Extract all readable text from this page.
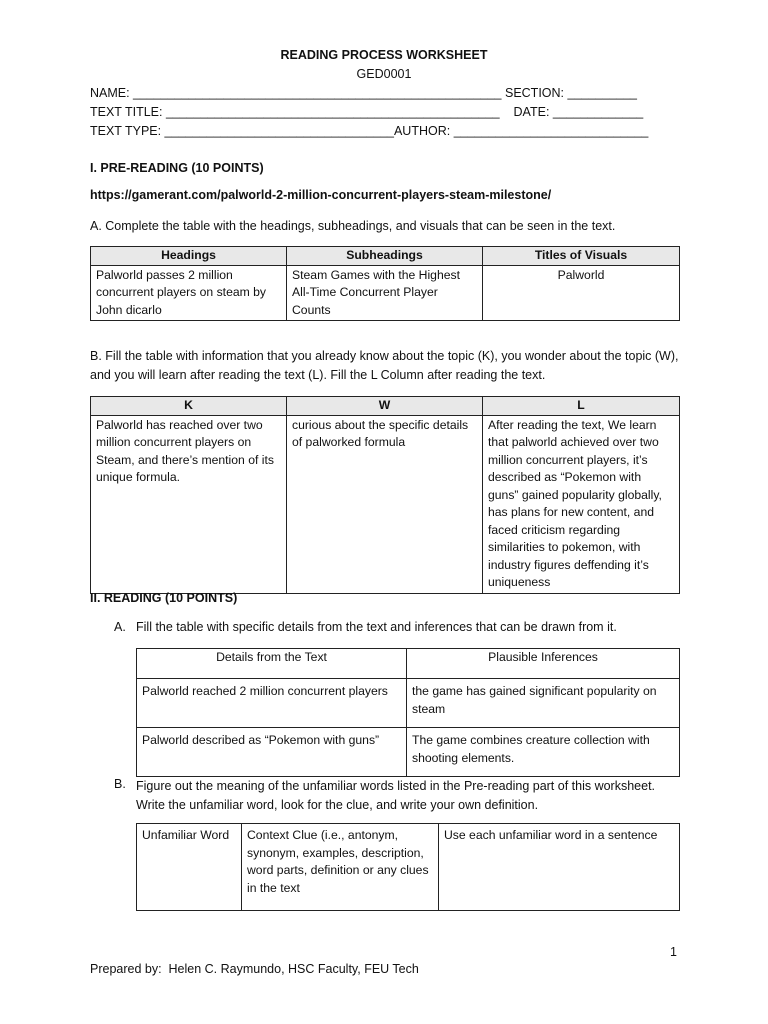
READING PROCESS WORKSHEET

GED0001

NAME: _____________________________________________________ SECTION: __________

TEXT TITLE: ________________________________________________    DATE: _____________

TEXT TYPE: _________________________________AUTHOR: ____________________________

I. PRE-READING (10 POINTS)

https://gamerant.com/palworld-2-million-concurrent-players-steam-milestone/

A. Complete the table with the headings, subheadings, and visuals that can be seen in the text.

Headings	Subheadings	Titles of Visuals
Palworld passes 2 million concurrent players on steam by John dicarlo	Steam Games with the Highest All-Time Concurrent Player Counts	Palworld

B. Fill the table with information that you already know about the topic (K), you wonder about the topic (W), and you will learn after reading the text (L). Fill the L Column after reading the text.

K	W	L
Palworld has reached over two million concurrent players on Steam, and there’s mention of its unique formula.	curious about the specific details of palworked formula	After reading the text, We learn that palworld achieved over two million concurrent players, it’s described as “Pokemon with guns” gained popularity globally, has plans for new content, and faced criticism regarding similarities to pokemon, with industry figures deffending it’s uniqueness

II. READING (10 POINTS)

A. Fill the table with specific details from the text and inferences that can be drawn from it.

Details from the Text	Plausible Inferences
Palworld reached 2 million concurrent players	the game has gained significant popularity on steam
Palworld described as “Pokemon with guns”	The game combines creature collection with shooting elements.

B. Figure out the meaning of the unfamiliar words listed in the Pre-reading part of this worksheet. Write the unfamiliar word, look for the clue, and write your own definition.

Unfamiliar Word	Context Clue (i.e., antonym, synonym, examples, description, word parts, definition or any clues in the text	Use each unfamiliar word in a sentence

1

Prepared by:  Helen C. Raymundo, HSC Faculty, FEU Tech
